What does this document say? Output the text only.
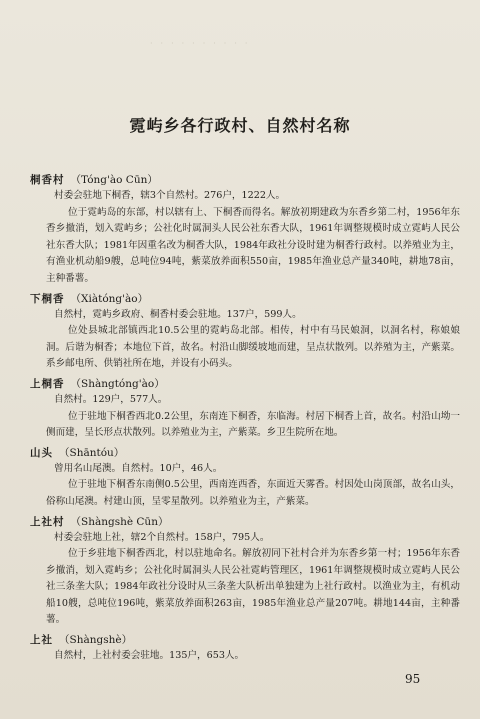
·　·　·　·　·　·　·　·　·　·
霓屿乡各行政村、自然村名称
桐香村 （Tóng'ào Cūn）

村委会驻地下桐香，辖3个自然村。276户，1222人。

位于霓屿岛的东部，村以辖有上、下桐香而得名。解放初期建政为东香乡第二村，1956年东香乡撤消，划入霓屿乡；公社化时属洞头人民公社东香大队，1961年调整规模时成立霓屿人民公社东香大队；1981年因重名改为桐香大队，1984年政社分设时建为桐香行政村。以养殖业为主，有渔业机动船9艘，总吨位94吨，紫菜放养面积550亩，1985年渔业总产量340吨，耕地78亩，主种番薯。

下桐香 （Xiàtóng'ào）

自然村，霓屿乡政府、桐香村委会驻地。137户，599人。

位处县城北部镇西北10.5公里的霓屿岛北部。相传，村中有马民娘洞，以洞名村，称娘娘洞。后谐为桐香；本地位下首，故名。村沿山脚缓坡地而建，呈点状散列。以养殖为主，产紫菜。系乡邮电所、供销社所在地，并设有小码头。

上桐香 （Shàngtóng'ào）

自然村。129户，577人。

位于驻地下桐香西北0.2公里，东南连下桐香，东临海。村居下桐香上首，故名。村沿山坳一侧而建，呈长形点状散列。以养殖业为主，产紫菜。乡卫生院所在地。

山头 （Shāntóu）

曾用名山尾澳。自然村。10户，46人。

位于驻地下桐香东南侧0.5公里，西南连西香，东面近天雾香。村因处山岗顶部，故名山头，俗称山尾澳。村建山顶，呈零星散列。以养殖业为主，产紫菜。

上社村 （Shàngshè Cūn）

村委会驻地上社，辖2个自然村。158户，795人。

位于乡驻地下桐香西北，村以驻地命名。解放初同下社村合并为东香乡第一村；1956年东香乡撤消，划入霓屿乡；公社化时属洞头人民公社霓屿管理区，1961年调整规模时成立霓屿人民公社三条垄大队；1984年政社分设时从三条垄大队析出单独建为上社行政村。以渔业为主，有机动船10艘，总吨位196吨，紫菜放养面积263亩，1985年渔业总产量207吨。耕地144亩，主种番薯。

上社 （Shàngshè）

自然村，上社村委会驻地。135户，653人。

95
